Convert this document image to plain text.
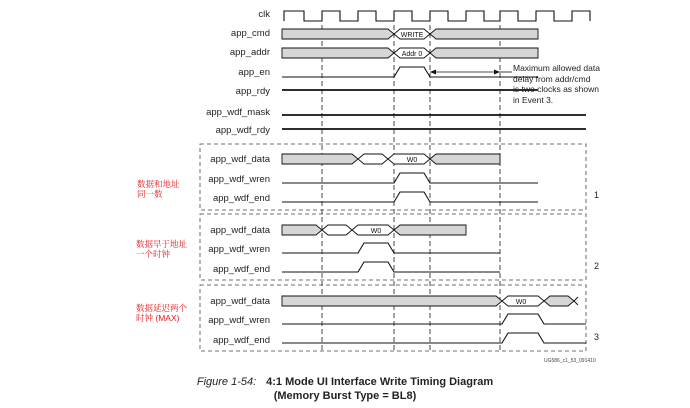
WRITE
Addr 0
W0
W0
W0
clk
app_cmd
app_addr
app_en
app_rdy
app_wdf_mask
app_wdf_rdy
app_wdf_data
app_wdf_wren
app_wdf_end
app_wdf_data
app_wdf_wren
app_wdf_end
app_wdf_data
app_wdf_wren
app_wdf_end
Maximum allowed data
delay from addr/cmd
is two clocks as shown
in Event 3.
数据和地址
同一数
数据早于地址
一个时钟
数据延迟两个
时钟 (MAX)
1
2
3
UG586_c1_53_091410
Figure 1-54: 4:1 Mode UI Interface Write Timing Diagram
(Memory Burst Type = BL8)
